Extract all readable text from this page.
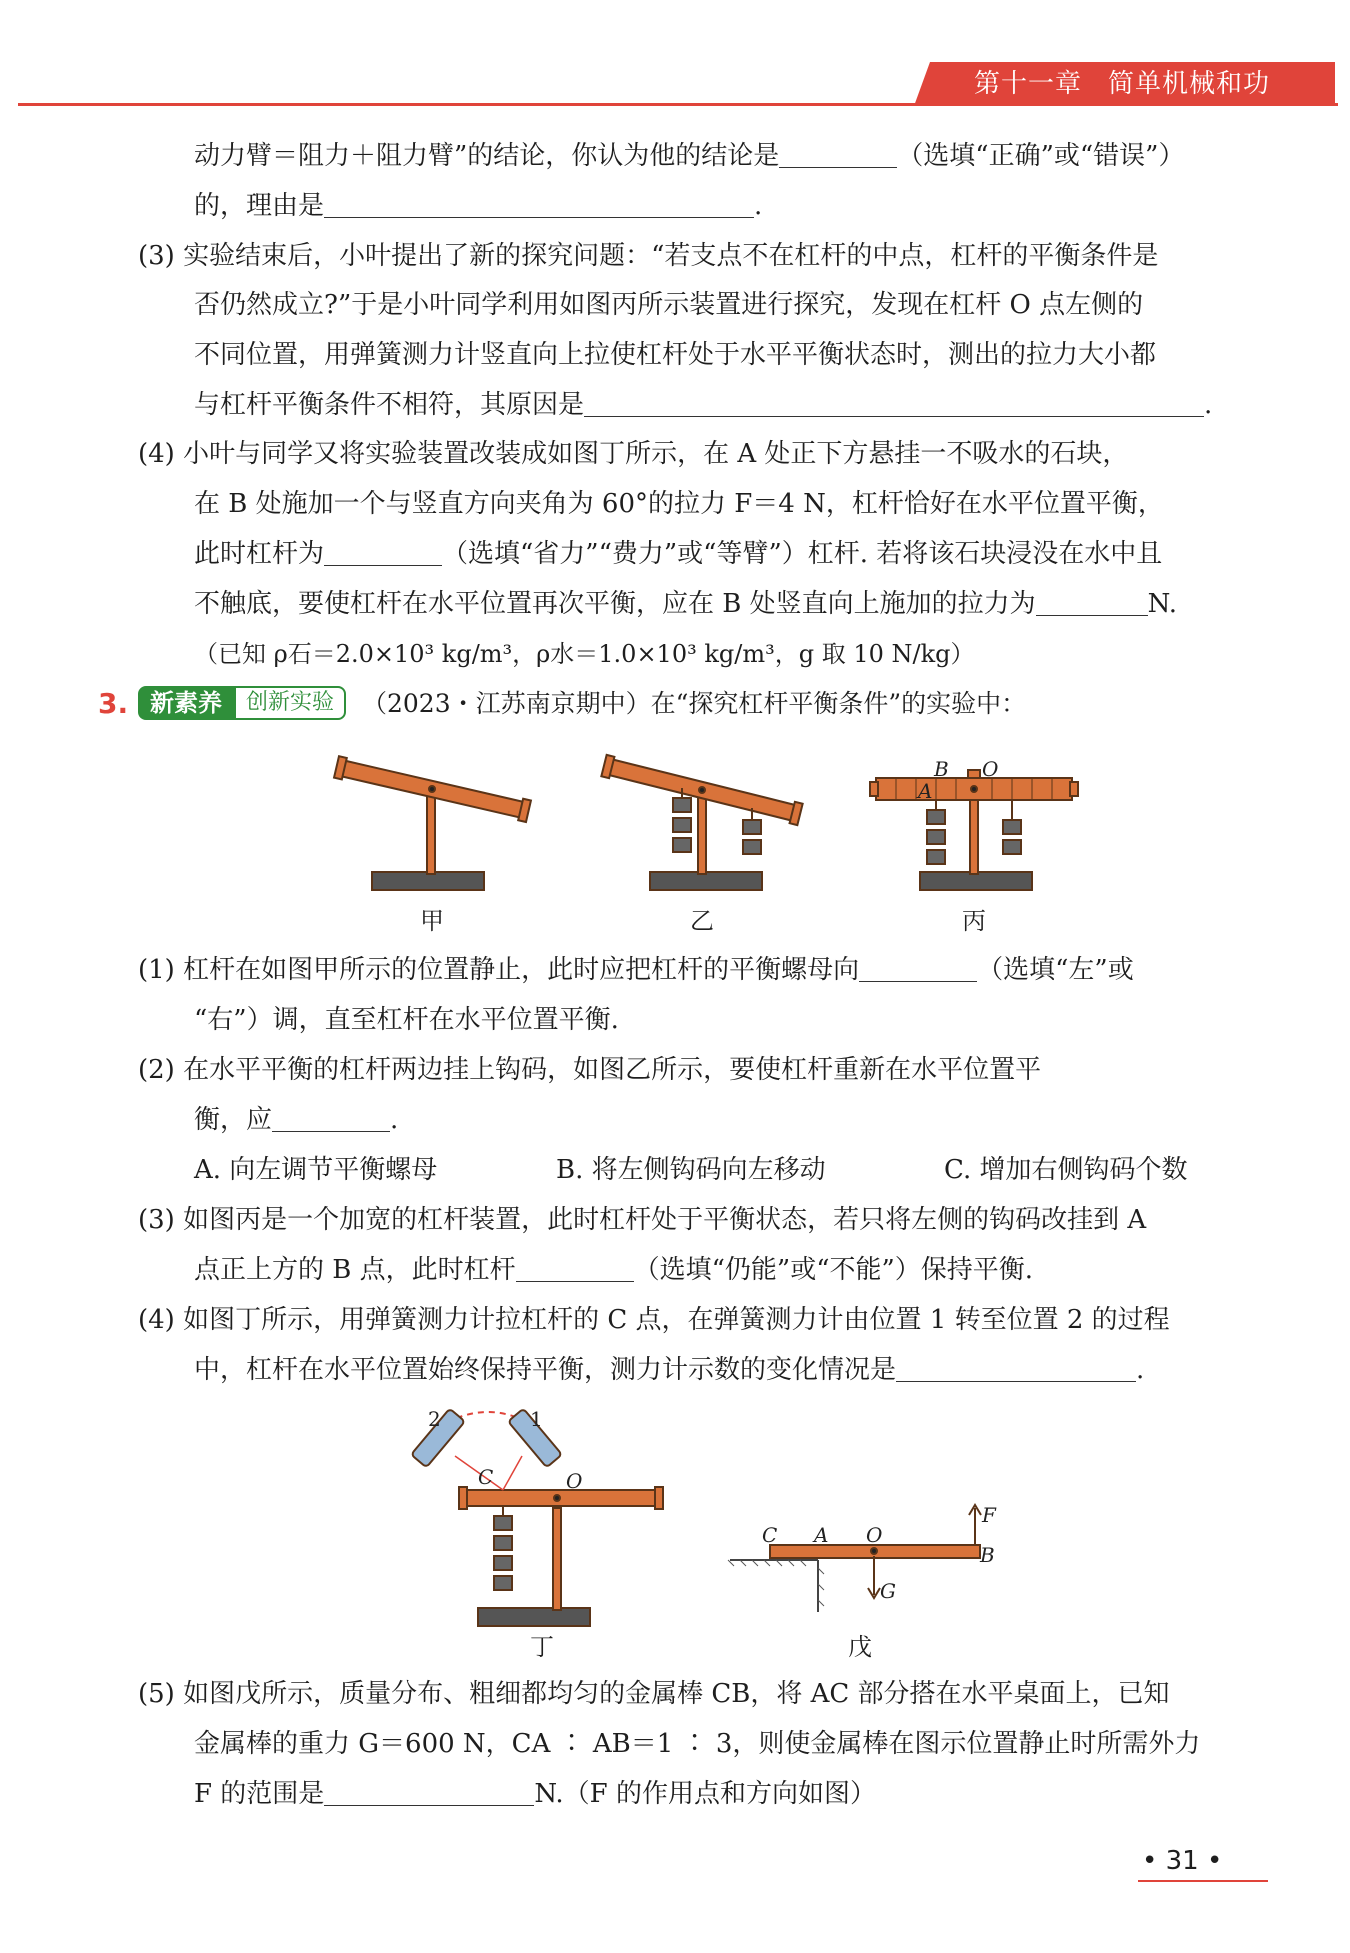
第十一章 简单机械和功
动力臂＝阻力＋阻力臂”的结论，你认为他的结论是	（选填“正确”或“错误”）
的，理由是	.
(3) 实验结束后，小叶提出了新的探究问题：“若支点不在杠杆的中点，杠杆的平衡条件是
否仍然成立?”于是小叶同学利用如图丙所示装置进行探究，发现在杠杆 O 点左侧的
不同位置，用弹簧测力计竖直向上拉使杠杆处于水平平衡状态时，测出的拉力大小都
与杠杆平衡条件不相符，其原因是	.
(4) 小叶与同学又将实验装置改装成如图丁所示，在 A 处正下方悬挂一不吸水的石块，
在 B 处施加一个与竖直方向夹角为 60°的拉力 F＝4 N，杠杆恰好在水平位置平衡，
此时杠杆为	（选填“省力”“费力”或“等臂”）杠杆. 若将该石块浸没在水中且
不触底，要使杠杆在水平位置再次平衡，应在 B 处竖直向上施加的拉力为	N.
（已知 ρ石＝2.0×10³ kg/m³，ρ水＝1.0×10³ kg/m³，g 取 10 N/kg）
3. 新素养	创新实验	（2023・江苏南京期中）在“探究杠杆平衡条件”的实验中：
B O
A
C	O
2	1
C A O
F
B
G
甲	乙	丙
丁	戊
(1) 杠杆在如图甲所示的位置静止，此时应把杠杆的平衡螺母向	（选填“左”或
“右”）调，直至杠杆在水平位置平衡.
(2) 在水平平衡的杠杆两边挂上钩码，如图乙所示，要使杠杆重新在水平位置平
衡，应	.
A. 向左调节平衡螺母	B. 将左侧钩码向左移动	C. 增加右侧钩码个数
(3) 如图丙是一个加宽的杠杆装置，此时杠杆处于平衡状态，若只将左侧的钩码改挂到 A
点正上方的 B 点，此时杠杆	（选填“仍能”或“不能”）保持平衡.
(4) 如图丁所示，用弹簧测力计拉杠杆的 C 点，在弹簧测力计由位置 1 转至位置 2 的过程
中，杠杆在水平位置始终保持平衡，测力计示数的变化情况是	.
(5) 如图戊所示，质量分布、粗细都均匀的金属棒 CB，将 AC 部分搭在水平桌面上，已知
金属棒的重力 G＝600 N，CA ∶ AB＝1 ∶ 3，则使金属棒在图示位置静止时所需外力
F 的范围是	N.（F 的作用点和方向如图）
• 31 •
